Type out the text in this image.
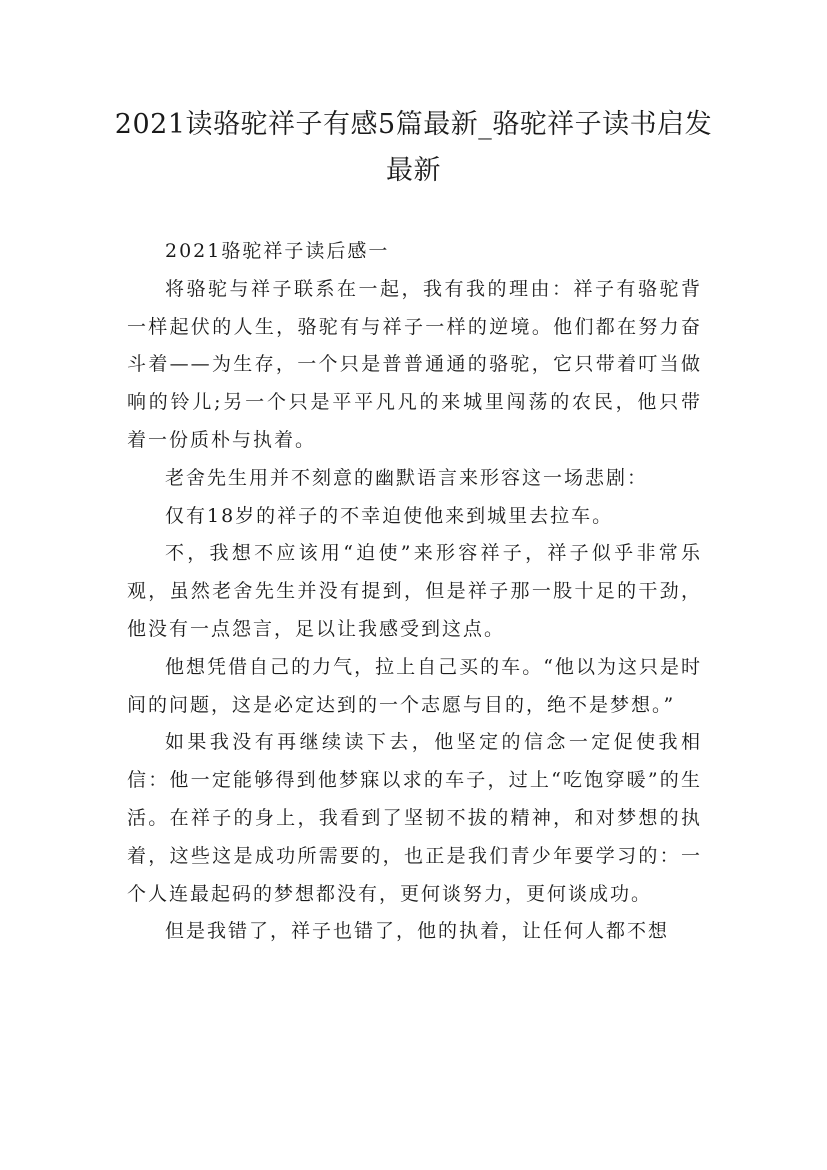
2021读骆驼祥子有感5篇最新_骆驼祥子读书启发最新

2021骆驼祥子读后感一

将骆驼与祥子联系在一起，我有我的理由：祥子有骆驼背一样起伏的人生，骆驼有与祥子一样的逆境。他们都在努力奋斗着——为生存，一个只是普普通通的骆驼，它只带着叮当做响的铃儿;另一个只是平平凡凡的来城里闯荡的农民，他只带着一份质朴与执着。

老舍先生用并不刻意的幽默语言来形容这一场悲剧：

仅有18岁的祥子的不幸迫使他来到城里去拉车。

不，我想不应该用“迫使”来形容祥子，祥子似乎非常乐观，虽然老舍先生并没有提到，但是祥子那一股十足的干劲，他没有一点怨言，足以让我感受到这点。

他想凭借自己的力气，拉上自己买的车。“他以为这只是时间的问题，这是必定达到的一个志愿与目的，绝不是梦想。”

如果我没有再继续读下去，他坚定的信念一定促使我相信：他一定能够得到他梦寐以求的车子，过上“吃饱穿暖”的生活。在祥子的身上，我看到了坚韧不拔的精神，和对梦想的执着，这些这是成功所需要的，也正是我们青少年要学习的：一个人连最起码的梦想都没有，更何谈努力，更何谈成功。

但是我错了，祥子也错了，他的执着，让任何人都不想
